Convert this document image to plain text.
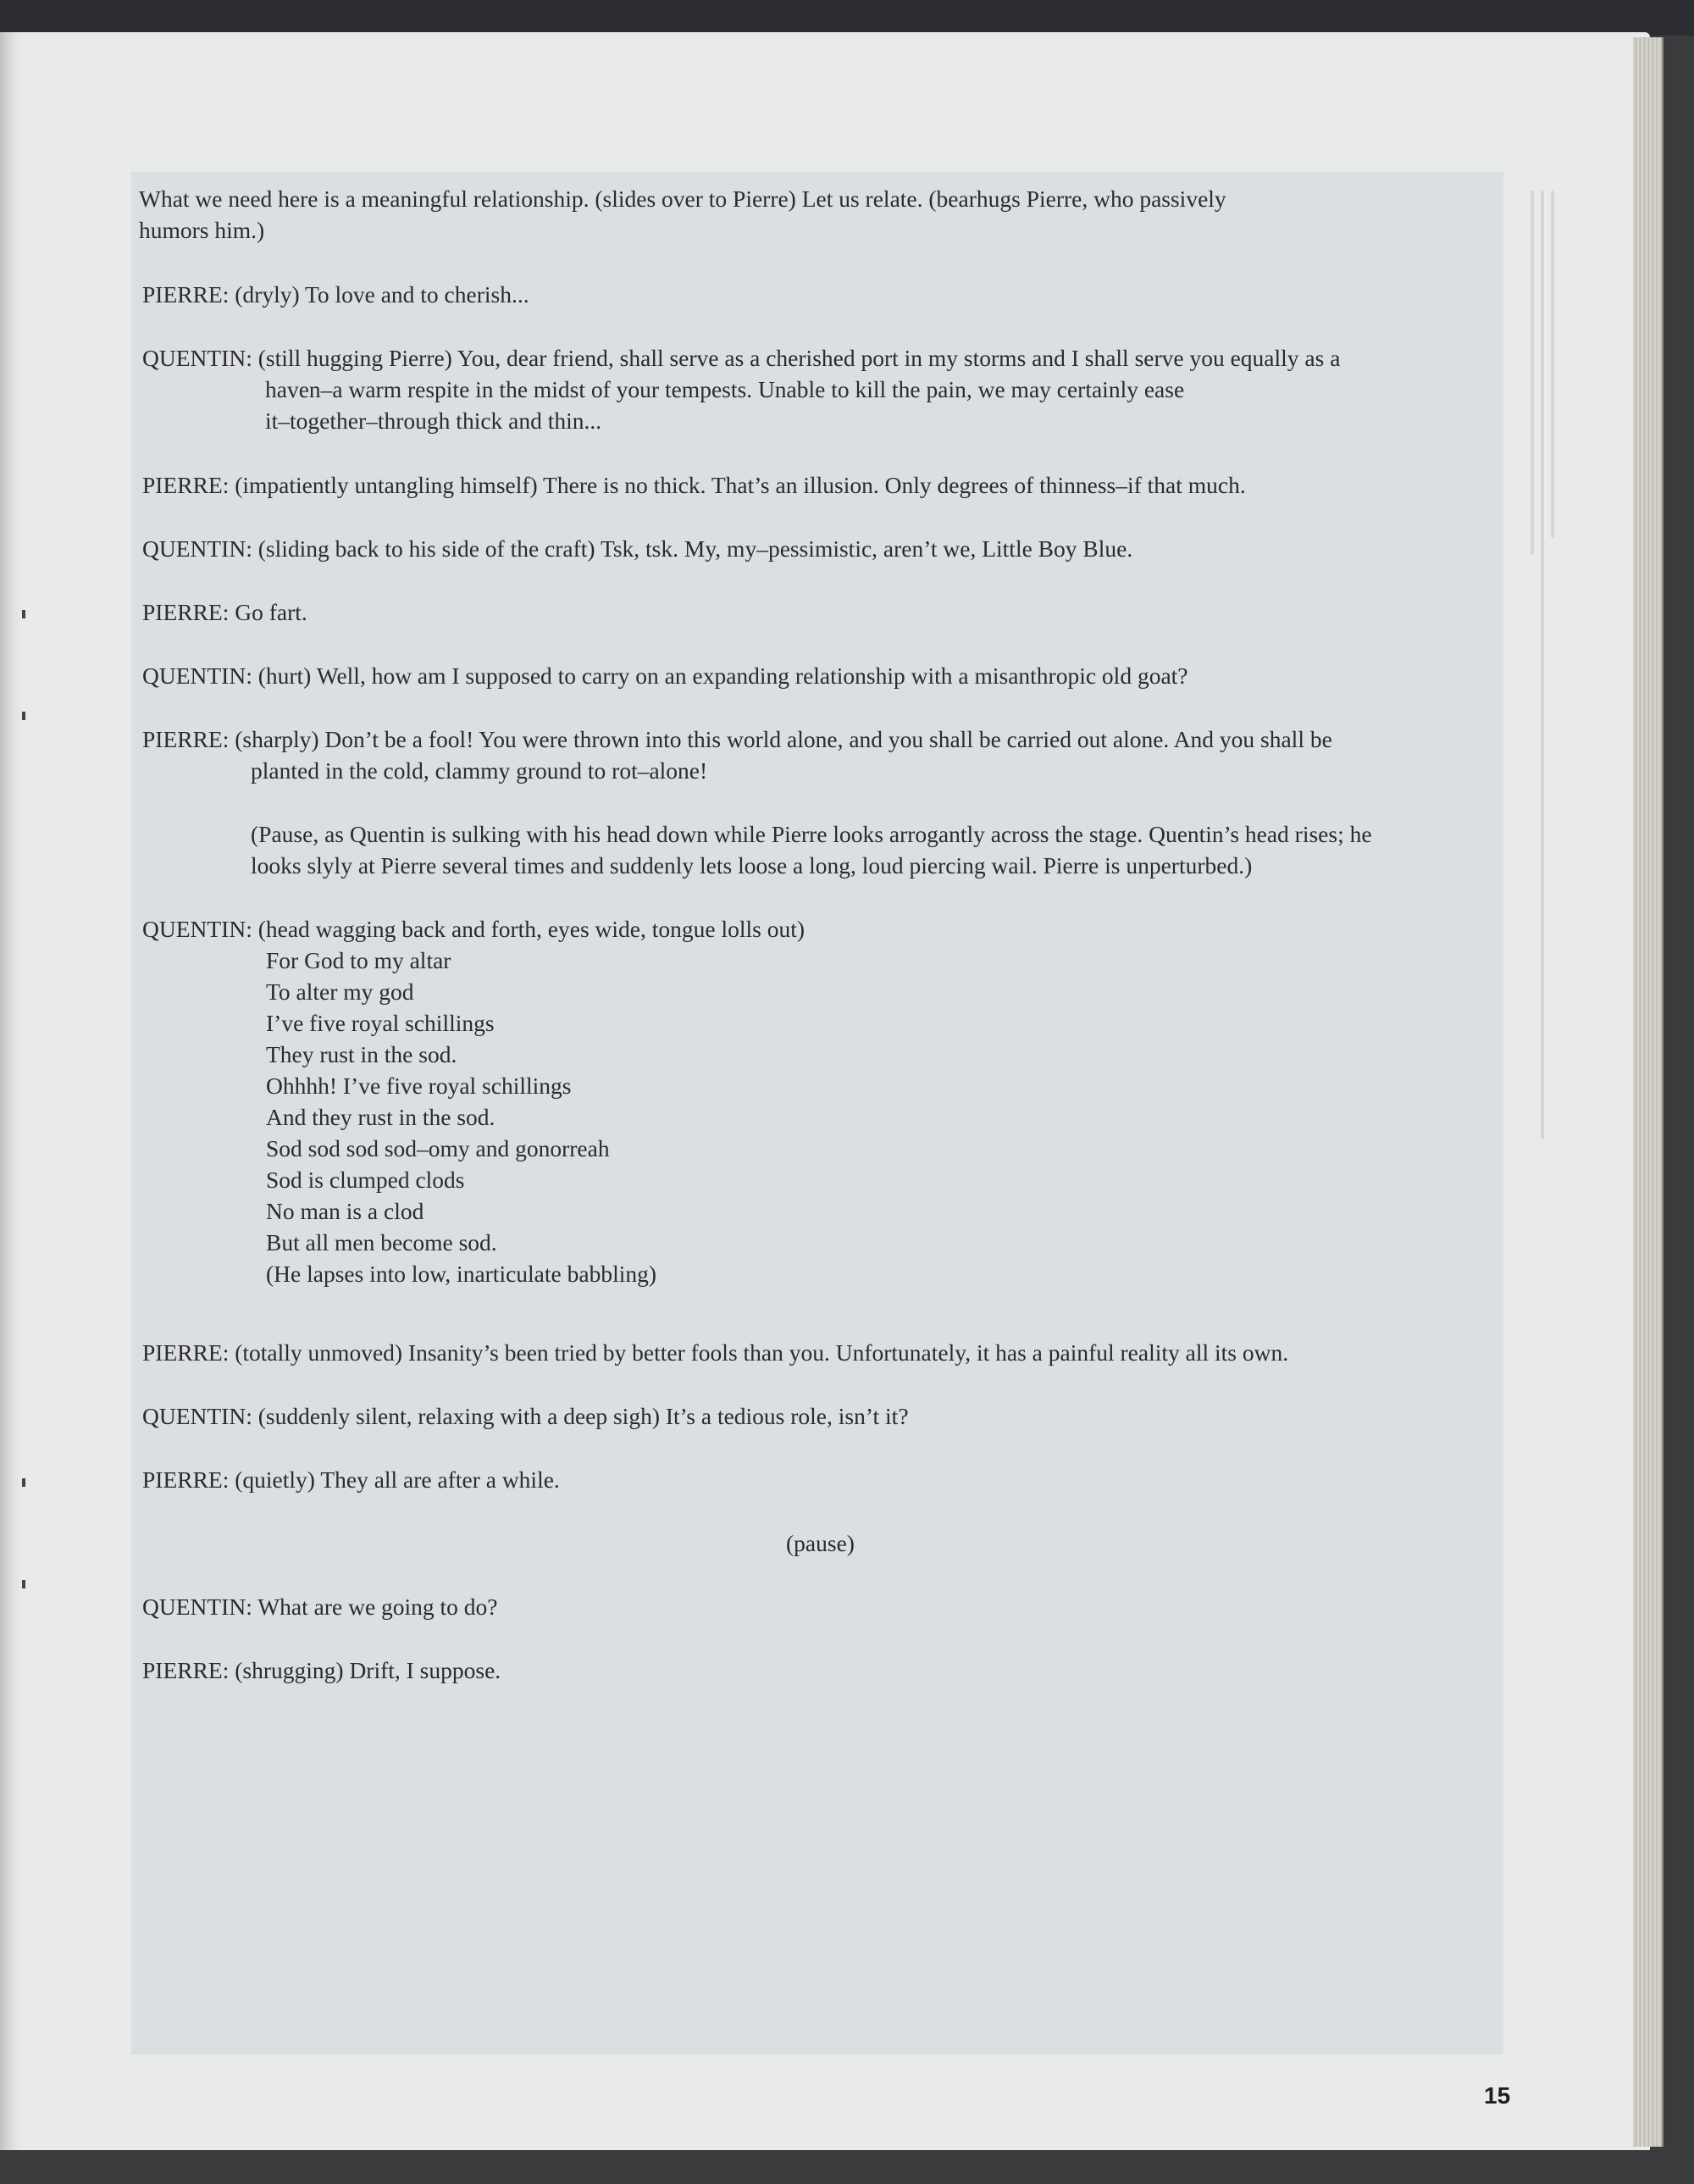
What we need here is a meaningful relationship. (slides over to Pierre) Let us relate. (bearhugs Pierre, who passively
humors him.)
PIERRE: (dryly) To love and to cherish...
QUENTIN: (still hugging Pierre) You, dear friend, shall serve as a cherished port in my storms and I shall serve you equally as a
haven–a warm respite in the midst of your tempests. Unable to kill the pain, we may certainly ease
it–together–through thick and thin...
PIERRE: (impatiently untangling himself) There is no thick. That’s an illusion. Only degrees of thinness–if that much.
QUENTIN: (sliding back to his side of the craft) Tsk, tsk. My, my–pessimistic, aren’t we, Little Boy Blue.
PIERRE: Go fart.
QUENTIN: (hurt) Well, how am I supposed to carry on an expanding relationship with a misanthropic old goat?
PIERRE: (sharply) Don’t be a fool! You were thrown into this world alone, and you shall be carried out alone. And you shall be
planted in the cold, clammy ground to rot–alone!
(Pause, as Quentin is sulking with his head down while Pierre looks arrogantly across the stage. Quentin’s head rises; he
looks slyly at Pierre several times and suddenly lets loose a long, loud piercing wail. Pierre is unperturbed.)
QUENTIN: (head wagging back and forth, eyes wide, tongue lolls out)
For God to my altar
To alter my god
I’ve five royal schillings
They rust in the sod.
Ohhhh! I’ve five royal schillings
And they rust in the sod.
Sod sod sod sod–omy and gonorreah
Sod is clumped clods
No man is a clod
But all men become sod.
(He lapses into low, inarticulate babbling)
PIERRE: (totally unmoved) Insanity’s been tried by better fools than you. Unfortunately, it has a painful reality all its own.
QUENTIN: (suddenly silent, relaxing with a deep sigh) It’s a tedious role, isn’t it?
PIERRE: (quietly) They all are after a while.
(pause)
QUENTIN: What are we going to do?
PIERRE: (shrugging) Drift, I suppose.
15
